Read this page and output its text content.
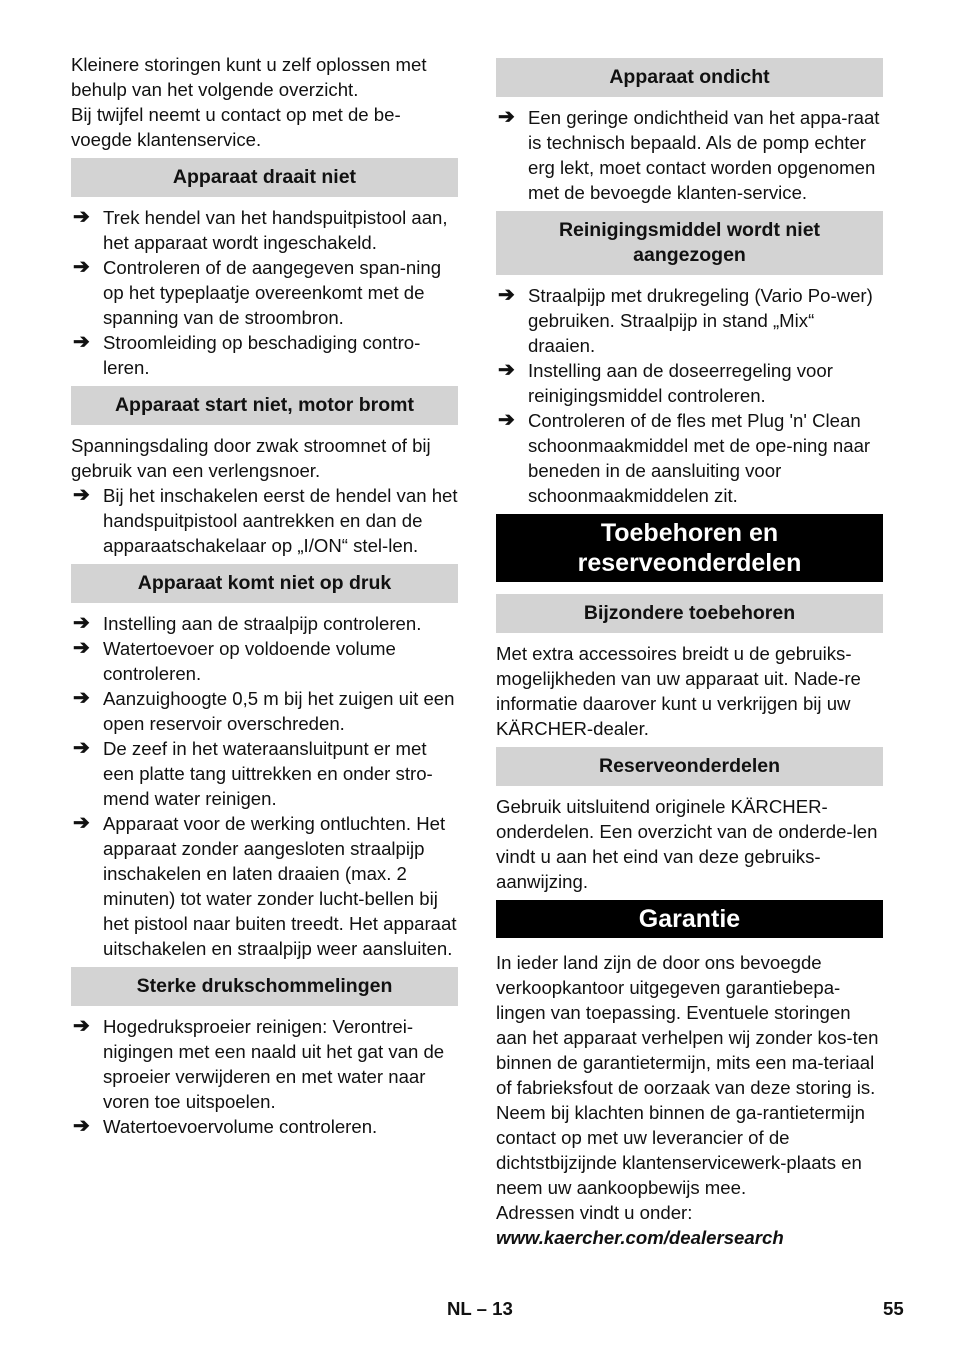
Kleinere storingen kunt u zelf oplossen met behulp van het volgende overzicht.

Bij twijfel neemt u contact op met de be-voegde klantenservice.

Apparaat draait niet
➔ Trek hendel van het handspuitpistool aan, het apparaat wordt ingeschakeld.
➔ Controleren of de aangegeven span-ning op het typeplaatje overeenkomt met de spanning van de stroombron.
➔ Stroomleiding op beschadiging contro-leren.
Apparaat start niet, motor bromt

Spanningsdaling door zwak stroomnet of bij gebruik van een verlengsnoer.

➔ Bij het inschakelen eerst de hendel van het handspuitpistool aantrekken en dan de apparaatschakelaar op „I/ON“ stel-len.
Apparaat komt niet op druk
➔ Instelling aan de straalpijp controleren.
➔ Watertoevoer op voldoende volume controleren.
➔ Aanzuighoogte 0,5 m bij het zuigen uit een open reservoir overschreden.
➔ De zeef in het wateraansluitpunt er met een platte tang uittrekken en onder stro-mend water reinigen.
➔ Apparaat voor de werking ontluchten. Het apparaat zonder aangesloten straalpijp inschakelen en laten draaien (max. 2 minuten) tot water zonder lucht-bellen bij het pistool naar buiten treedt. Het apparaat uitschakelen en straalpijp weer aansluiten.
Sterke drukschommelingen
➔ Hogedruksproeier reinigen: Verontrei-nigingen met een naald uit het gat van de sproeier verwijderen en met water naar voren toe uitspoelen.
➔ Watertoevoervolume controleren.
Apparaat ondicht
➔ Een geringe ondichtheid van het appa-raat is technisch bepaald. Als de pomp echter erg lekt, moet contact worden opgenomen met de bevoegde klanten-service.
Reinigingsmiddel wordt niet aangezogen
➔ Straalpijp met drukregeling (Vario Po-wer) gebruiken. Straalpijp in stand „Mix“ draaien.
➔ Instelling aan de doseerregeling voor reinigingsmiddel controleren.
➔ Controleren of de fles met Plug 'n' Clean schoonmaakmiddel met de ope-ning naar beneden in de aansluiting voor schoonmaakmiddelen zit.
Toebehoren en reserveonderdelen
Bijzondere toebehoren

Met extra accessoires breidt u de gebruiks-mogelijkheden van uw apparaat uit. Nade-re informatie daarover kunt u verkrijgen bij uw KÄRCHER-dealer.

Reserveonderdelen

Gebruik uitsluitend originele KÄRCHER-onderdelen. Een overzicht van de onderde-len vindt u aan het eind van deze gebruiks-aanwijzing.

Garantie

In ieder land zijn de door ons bevoegde verkoopkantoor uitgegeven garantiebepa-lingen van toepassing. Eventuele storingen aan het apparaat verhelpen wij zonder kos-ten binnen de garantietermijn, mits een ma-teriaal of fabrieksfout de oorzaak van deze storing is. Neem bij klachten binnen de ga-rantietermijn contact op met uw leverancier of de dichtstbijzijnde klantenservicewerk-plaats en neem uw aankoopbewijs mee.

Adressen vindt u onder:

www.kaercher.com/dealersearch

NL – 13	55
